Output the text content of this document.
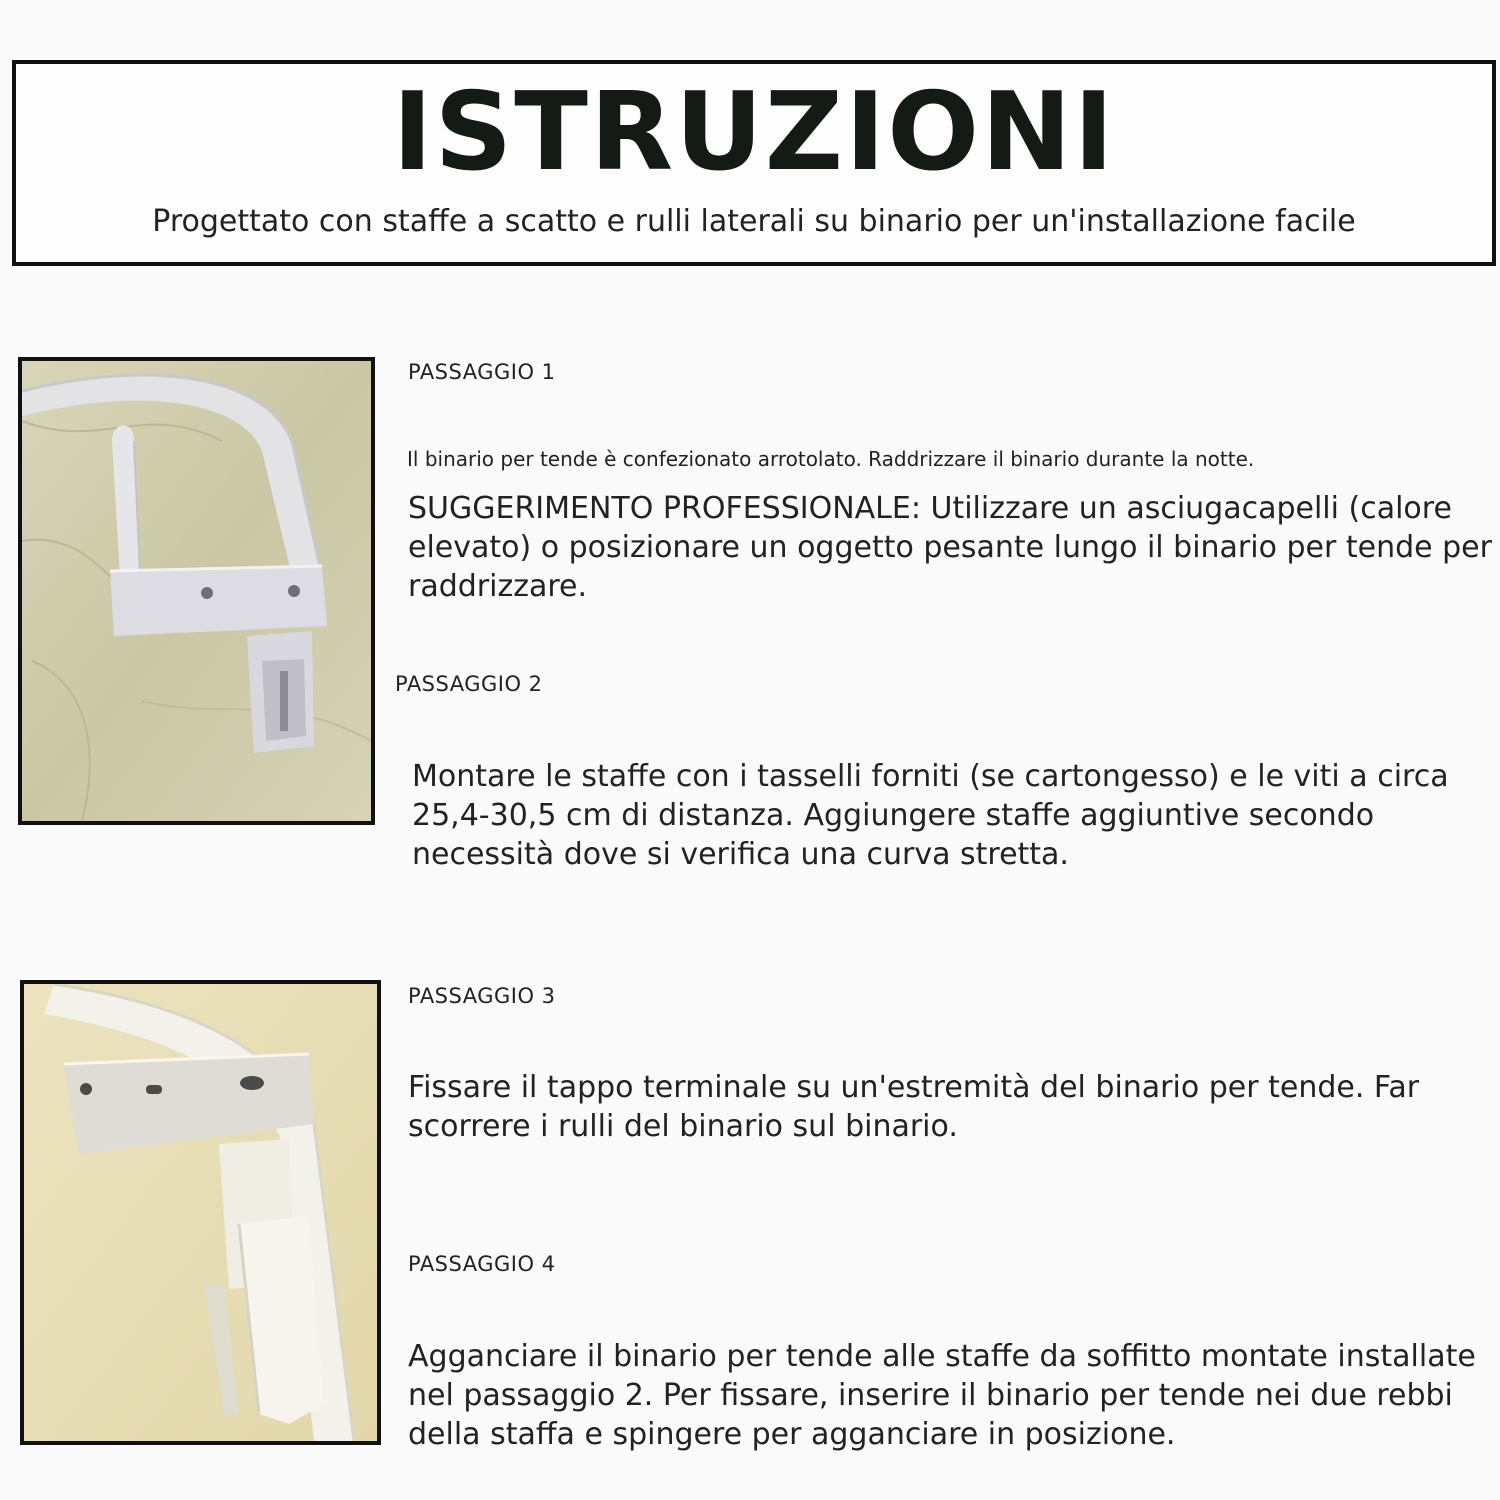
ISTRUZIONI
Progettato con staffe a scatto e rulli laterali su binario per un'installazione facile
PASSAGGIO 1
Il binario per tende è confezionato arrotolato. Raddrizzare il binario durante la notte.
SUGGERIMENTO PROFESSIONALE: Utilizzare un asciugacapelli (calore elevato) o posizionare un oggetto pesante lungo il binario per tende per raddrizzare.
PASSAGGIO 2
Montare le staffe con i tasselli forniti (se cartongesso) e le viti a circa 25,4-30,5 cm di distanza. Aggiungere staffe aggiuntive secondo necessità dove si verifica una curva stretta.
PASSAGGIO 3
Fissare il tappo terminale su un'estremità del binario per tende. Far scorrere i rulli del binario sul binario.
PASSAGGIO 4
Agganciare il binario per tende alle staffe da soffitto montate installate nel passaggio 2. Per fissare, inserire il binario per tende nei due rebbi della staffa e spingere per agganciare in posizione.
